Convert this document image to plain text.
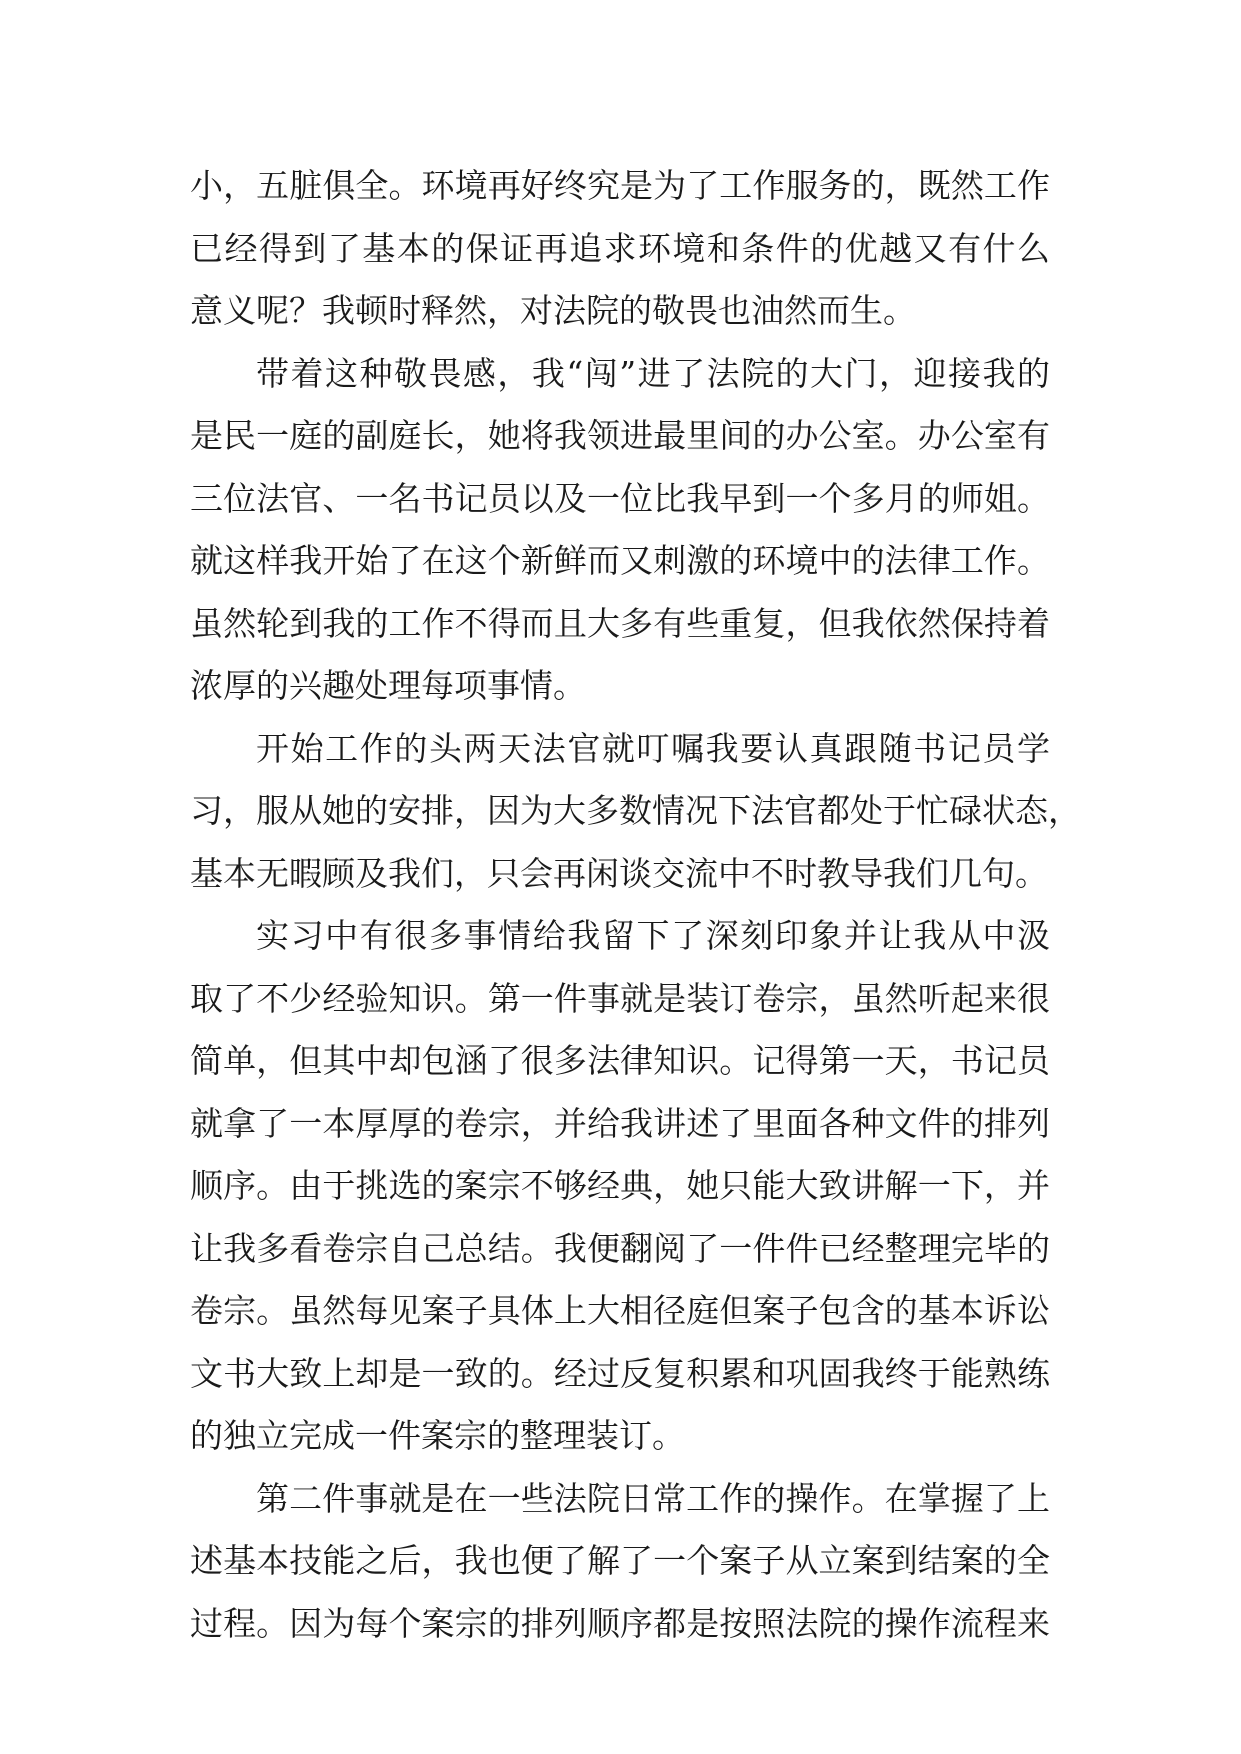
小，五脏俱全。环境再好终究是为了工作服务的，既然工作
已经得到了基本的保证再追求环境和条件的优越又有什么
意义呢？我顿时释然，对法院的敬畏也油然而生。
带着这种敬畏感，我“闯”进了法院的大门，迎接我的
是民一庭的副庭长，她将我领进最里间的办公室。办公室有
三位法官、一名书记员以及一位比我早到一个多月的师姐。
就这样我开始了在这个新鲜而又刺激的环境中的法律工作。
虽然轮到我的工作不得而且大多有些重复，但我依然保持着
浓厚的兴趣处理每项事情。
开始工作的头两天法官就叮嘱我要认真跟随书记员学
习，服从她的安排，因为大多数情况下法官都处于忙碌状态，
基本无暇顾及我们，只会再闲谈交流中不时教导我们几句。
实习中有很多事情给我留下了深刻印象并让我从中汲
取了不少经验知识。第一件事就是装订卷宗，虽然听起来很
简单，但其中却包涵了很多法律知识。记得第一天，书记员
就拿了一本厚厚的卷宗，并给我讲述了里面各种文件的排列
顺序。由于挑选的案宗不够经典，她只能大致讲解一下，并
让我多看卷宗自己总结。我便翻阅了一件件已经整理完毕的
卷宗。虽然每见案子具体上大相径庭但案子包含的基本诉讼
文书大致上却是一致的。经过反复积累和巩固我终于能熟练
的独立完成一件案宗的整理装订。
第二件事就是在一些法院日常工作的操作。在掌握了上
述基本技能之后，我也便了解了一个案子从立案到结案的全
过程。因为每个案宗的排列顺序都是按照法院的操作流程来
